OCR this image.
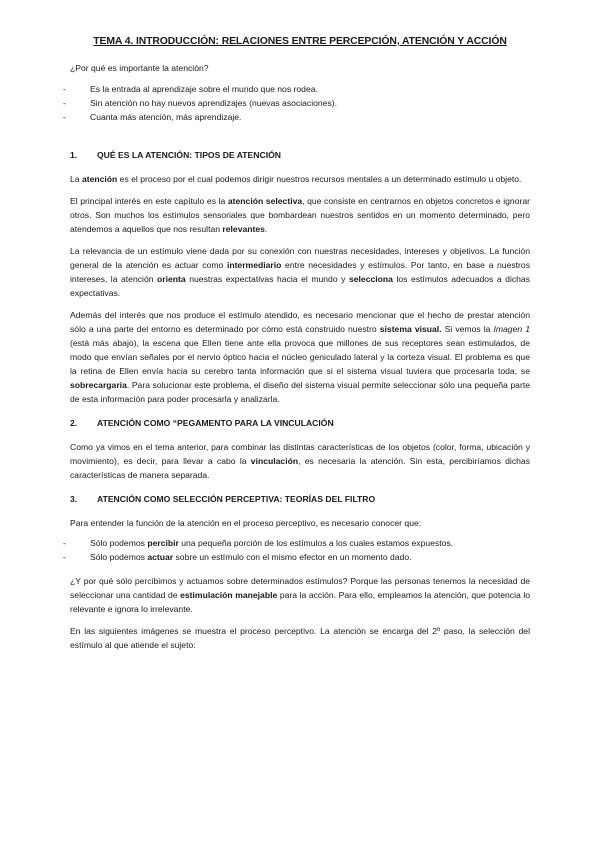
TEMA 4. INTRODUCCIÓN: RELACIONES ENTRE PERCEPCIÓN, ATENCIÓN Y ACCIÓN

¿Por qué es importante la atención?

- Es la entrada al aprendizaje sobre el mundo que nos rodea.
- Sin atención no hay nuevos aprendizajes (nuevas asociaciones).
- Cuanta más atención, más aprendizaje.
1. QUÉ ES LA ATENCIÓN: TIPOS DE ATENCIÓN

La atención es el proceso por el cual podemos dirigir nuestros recursos mentales a un determinado estímulo u objeto.

El principal interés en este capítulo es la atención selectiva, que consiste en centrarnos en objetos concretos e ignorar otros. Son muchos los estímulos sensoriales que bombardean nuestros sentidos en un momento determinado, pero atendemos a aquellos que nos resultan relevantes.

La relevancia de un estímulo viene dada por su conexión con nuestras necesidades, intereses y objetivos. La función general de la atención es actuar como intermediario entre necesidades y estímulos. Por tanto, en base a nuestros intereses, la atención orienta nuestras expectativas hacia el mundo y selecciona los estímulos adecuados a dichas expectativas.

Además del interés que nos produce el estímulo atendido, es necesario mencionar que el hecho de prestar atención sólo a una parte del entorno es determinado por cómo está construido nuestro sistema visual. Si vemos la Imagen 1 (está más abajo), la escena que Ellen tiene ante ella provoca que millones de sus receptores sean estimulados, de modo que envían señales por el nervio óptico hacia el núcleo geniculado lateral y la corteza visual. El problema es que la retina de Ellen envía hacia su cerebro tanta información que si el sistema visual tuviera que procesarla toda, se sobrecargaría. Para solucionar este problema, el diseño del sistema visual permite seleccionar sólo una pequeña parte de esta información para poder procesarla y analizarla.

2. ATENCIÓN COMO “PEGAMENTO PARA LA VINCULACIÓN

Como ya vimos en el tema anterior, para combinar las distintas características de los objetos (color, forma, ubicación y movimiento), es decir, para llevar a cabo la vinculación, es necesaria la atención. Sin esta, percibiríamos dichas características de manera separada.

3. ATENCIÓN COMO SELECCIÓN PERCEPTIVA: TEORÍAS DEL FILTRO

Para entender la función de la atención en el proceso perceptivo, es necesario conocer que:

- Sólo podemos percibir una pequeña porción de los estímulos a los cuales estamos expuestos.
- Sólo podemos actuar sobre un estímulo con el mismo efector en un momento dado.

¿Y por qué sólo percibimos y actuamos sobre determinados estímulos? Porque las personas tenemos la necesidad de seleccionar una cantidad de estimulación manejable para la acción. Para ello, empleamos la atención, que potencia lo relevante e ignora lo irrelevante.

En las siguientes imágenes se muestra el proceso perceptivo. La atención se encarga del 2º paso, la selección del estímulo al que atiende el sujeto:
